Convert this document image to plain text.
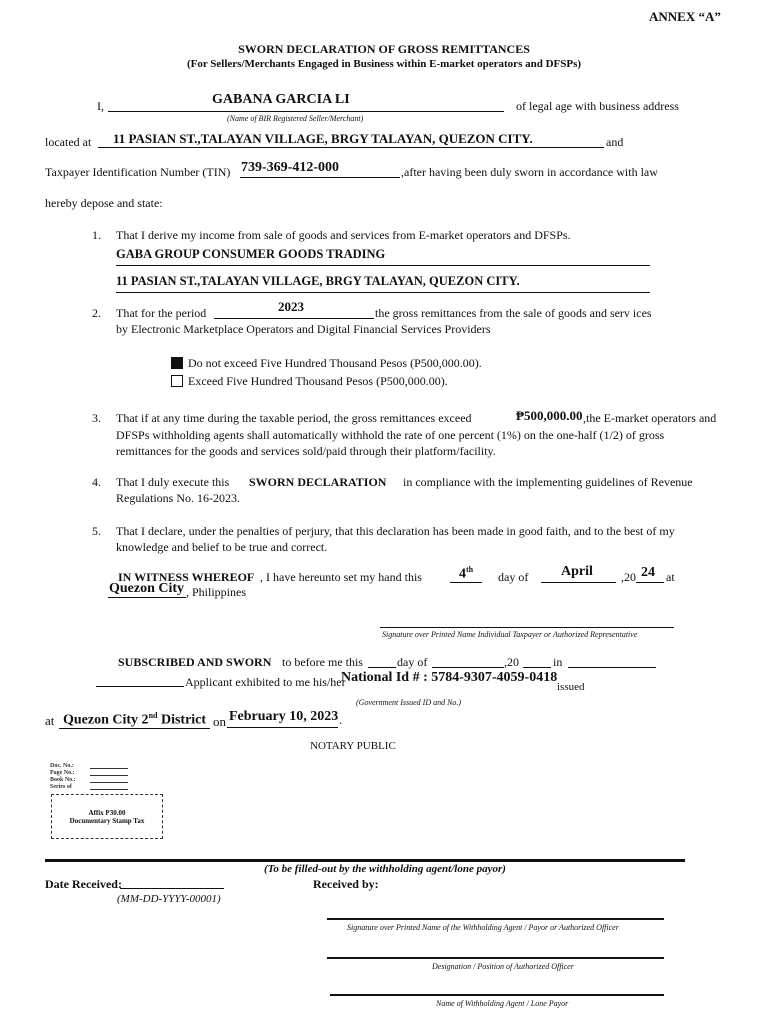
ANNEX “A”
SWORN DECLARATION OF GROSS REMITTANCES
(For Sellers/Merchants Engaged in Business within E-market operators and DFSPs)
I,	GABANA GARCIA LI
(Name of BIR Registered Seller/Merchant)
of legal age with business address
located at 11 PASIAN ST.,TALAYAN VILLAGE, BRGY TALAYAN, QUEZON CITY.	and
Taxpayer Identification Number (TIN) 739-369-412-000	,after having been duly sworn in accordance with law
hereby depose and state:
1. That I derive my income from sale of goods and services from E-market operators and DFSPs.
GABA GROUP CONSUMER GOODS TRADING
11 PASIAN ST.,TALAYAN VILLAGE, BRGY TALAYAN, QUEZON CITY.
2. That for the period	2023	the gross remittances from the sale of goods and serv ices
by Electronic Marketplace Operators and Digital Financial Services Providers
Do not exceed Five Hundred Thousand Pesos (P500,000.00).
Exceed Five Hundred Thousand Pesos (P500,000.00).
3. That if at any time during the taxable period, the gross remittances exceed	₱500,000.00 ,the E-market operators and
DFSPs withholding agents shall automatically withhold the rate of one percent (1%) on the one-half (1/2) of gross
remittances for the goods and services sold/paid through their platform/facility.
4. That I duly execute this SWORN DECLARATION in compliance with the implementing guidelines of Revenue
Regulations No. 16-2023.
5. That I declare, under the penalties of perjury, that this declaration has been made in good faith, and to the best of my
knowledge and belief to be true and correct.
IN WITNESS WHEREOF , I have hereunto set my hand this	4th
day of April , 20 24 at
Quezon City , Philippines
Signature over Printed Name Individual Taxpayer or Authorized Representative
SUBSCRIBED AND SWORN to before me this	day of	,20	in
Applicant exhibited to me his/her
National Id # : 5784-9307-4059-0418
issued
(Government Issued ID and No.)
at Quezon City 2nd District on February 10, 2023 .
NOTARY PUBLIC
Doc. No.:
Page No.:
Book No.:
Series of
Affix P30.00
Documentary Stamp Tax
(To be filled-out by the withholding agent/lone payor)
Date Received:
(MM-DD-YYYY-00001)
Received by:
Signature over Printed Name of the Withholding Agent / Payor or Authorized Officer
Designation / Position of Authorized Officer
Name of Withholding Agent / Lone Payor
